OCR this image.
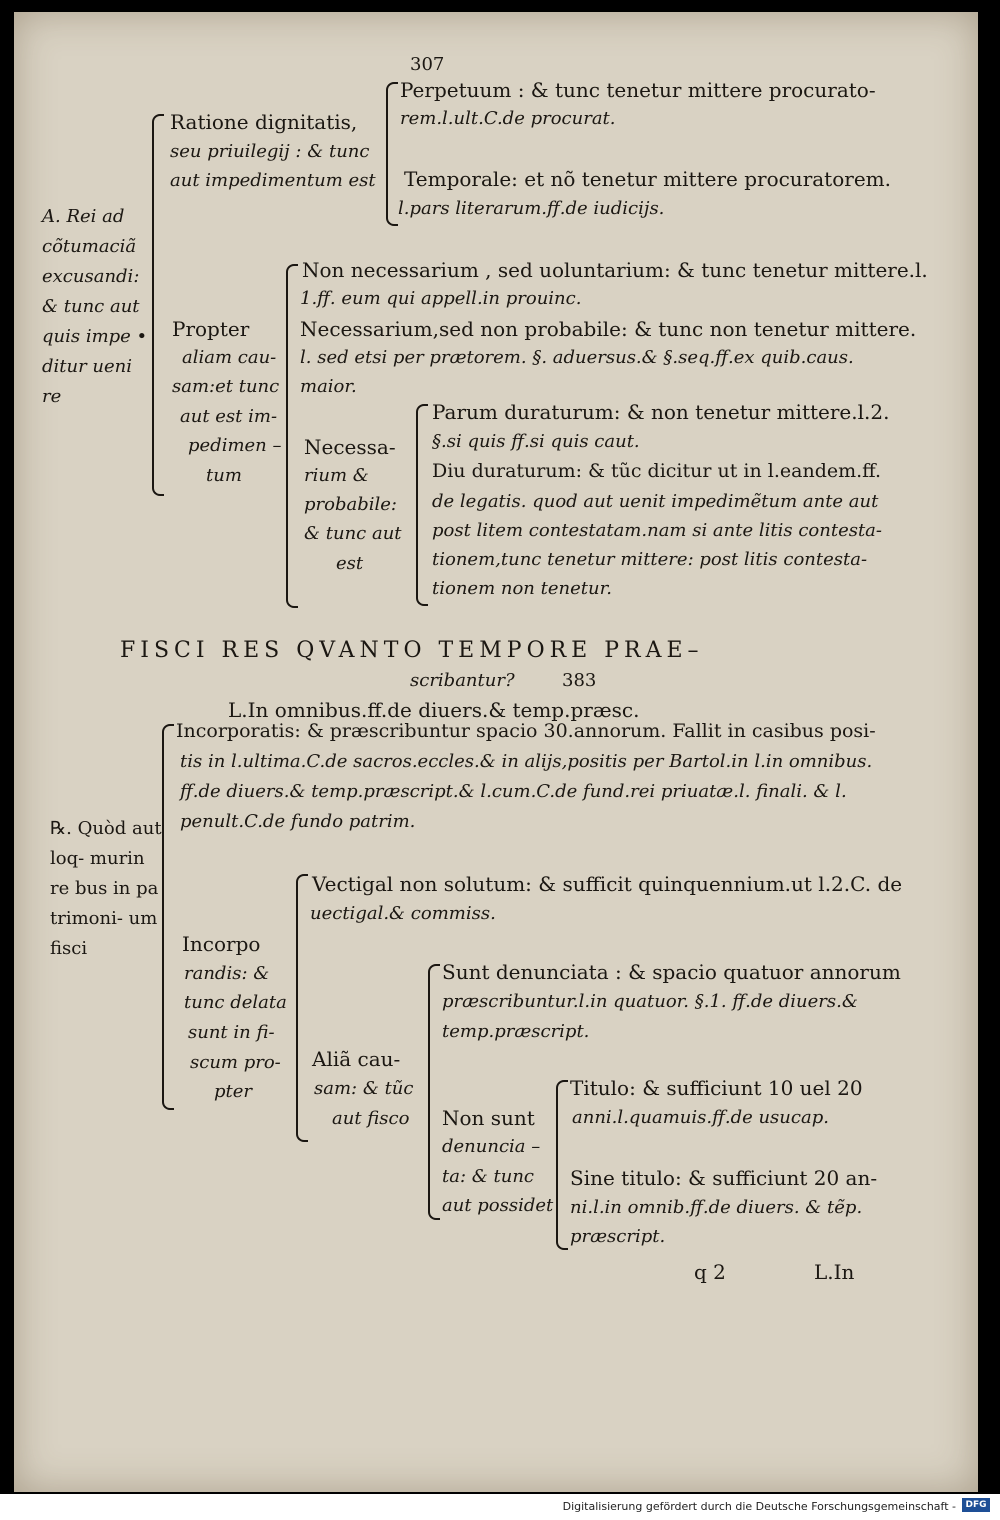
307
A. Rei ad cõtumaciã excusandi: & tunc aut quis impe • ditur ueni re
Ratione dignitatis,
seu priuilegij : & tunc
aut impedimentum est
Perpetuum : & tunc tenetur mittere procurato-
rem.l.ult.C.de procurat.
Temporale: et nõ tenetur mittere procuratorem.
l.pars literarum.ff.de iudicijs.
Propter
aliam cau-
sam:et tunc
aut est im-
pedimen –
tum
Non necessarium , sed uoluntarium: & tunc tenetur mittere.l.
1.ff. eum qui appell.in prouinc.
Necessarium,sed non probabile: & tunc non tenetur mittere.
l. sed etsi per prætorem. §. aduersus.& §.seq.ff.ex quib.caus.
maior.
Necessa-
rium &
probabile:
& tunc aut
est
Parum duraturum: & non tenetur mittere.l.2.
§.si quis ff.si quis caut.
Diu duraturum: & tũc dicitur ut in l.eandem.ff.
de legatis. quod aut uenit impedimẽtum ante aut
post litem contestatam.nam si ante litis contesta-
tionem,tunc tenetur mittere: post litis contesta-
tionem non tenetur.
FISCI RES QVANTO TEMPORE PRAE–
scribantur?	383
L.In omnibus.ff.de diuers.& temp.præsc.
℞. Quòd aut loq- murin re bus in pa trimoni- um fisci
Incorporatis: & præscribuntur spacio 30.annorum. Fallit in casibus posi-
tis in l.ultima.C.de sacros.eccles.& in alijs,positis per Bartol.in l.in omnibus.
ff.de diuers.& temp.præscript.& l.cum.C.de fund.rei priuatæ.l. finali. & l.
penult.C.de fundo patrim.
Incorpo
randis: &
tunc delata
sunt in fi-
scum pro-
pter
Vectigal non solutum: & sufficit quinquennium.ut l.2.C. de
uectigal.& commiss.
Aliã cau-
sam: & tũc
aut fisco
Sunt denunciata : & spacio quatuor annorum
præscribuntur.l.in quatuor. §.1. ff.de diuers.&
temp.præscript.
Non sunt
denuncia –
ta: & tunc
aut possidet
Titulo: & sufficiunt 10 uel 20
anni.l.quamuis.ff.de usucap.
Sine titulo: & sufficiunt 20 an-
ni.l.in omnib.ff.de diuers. & tẽp.
præscript.
q 2	L.In
Digitalisierung gefördert durch die Deutsche Forschungsgemeinschaft -	DFG
